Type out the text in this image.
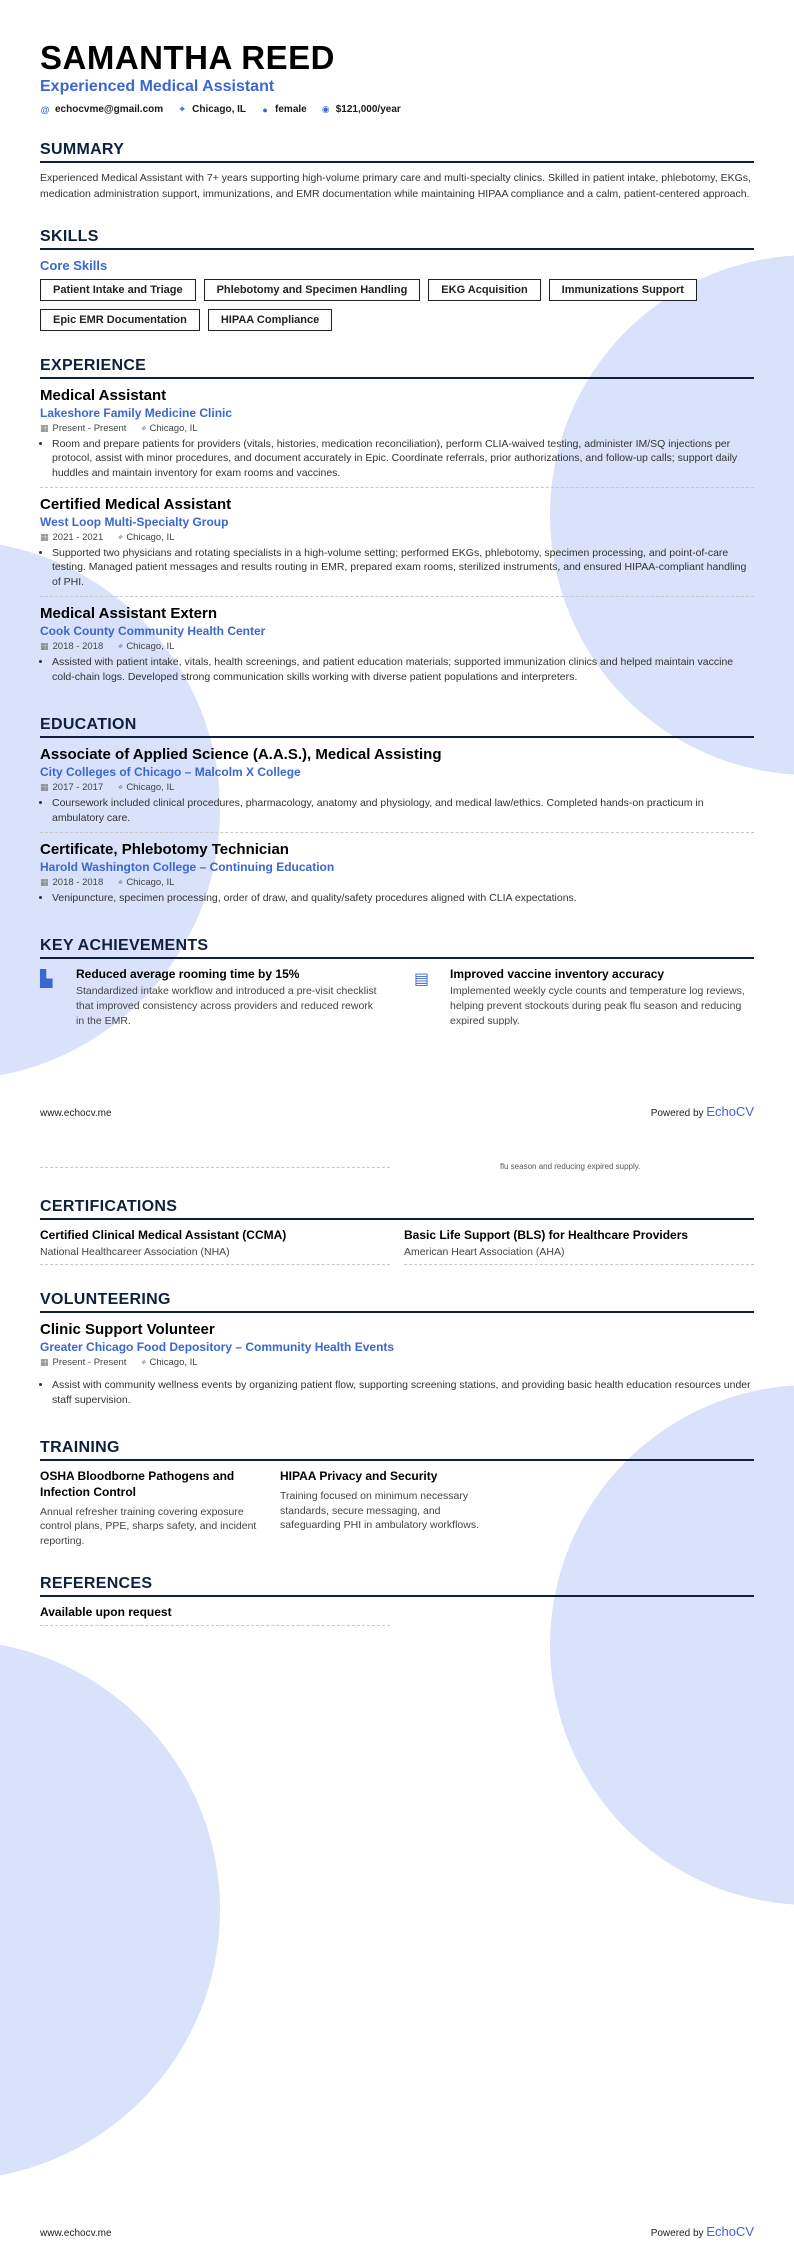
SAMANTHA REED
Experienced Medical Assistant
@ echocvme@gmail.com ⌖ Chicago, IL ● female ◉ $121,000/year
SUMMARY

Experienced Medical Assistant with 7+ years supporting high-volume primary care and multi-specialty clinics. Skilled in patient intake, phlebotomy, EKGs, medication administration support, immunizations, and EMR documentation while maintaining HIPAA compliance and a calm, patient-centered approach.

SKILLS
Core Skills
Patient Intake and Triage	Phlebotomy and Specimen Handling	EKG Acquisition	Immunizations Support
Epic EMR Documentation	HIPAA Compliance
EXPERIENCE
Medical Assistant
Lakeshore Family Medicine Clinic
▦ Present - Present ⌖ Chicago, IL
• Room and prepare patients for providers (vitals, histories, medication reconciliation), perform CLIA-waived testing, administer IM/SQ injections per protocol, assist with minor procedures, and document accurately in Epic. Coordinate referrals, prior authorizations, and follow-up calls; support daily huddles and maintain inventory for exam rooms and vaccines.
Certified Medical Assistant
West Loop Multi-Specialty Group
▦ 2021 - 2021 ⌖ Chicago, IL
• Supported two physicians and rotating specialists in a high-volume setting; performed EKGs, phlebotomy, specimen processing, and point-of-care testing. Managed patient messages and results routing in EMR, prepared exam rooms, sterilized instruments, and ensured HIPAA-compliant handling of PHI.
Medical Assistant Extern
Cook County Community Health Center
▦ 2018 - 2018 ⌖ Chicago, IL
• Assisted with patient intake, vitals, health screenings, and patient education materials; supported immunization clinics and helped maintain vaccine cold-chain logs. Developed strong communication skills working with diverse patient populations and interpreters.
EDUCATION
Associate of Applied Science (A.A.S.), Medical Assisting
City Colleges of Chicago – Malcolm X College
▦ 2017 - 2017 ⌖ Chicago, IL
• Coursework included clinical procedures, pharmacology, anatomy and physiology, and medical law/ethics. Completed hands-on practicum in ambulatory care.
Certificate, Phlebotomy Technician
Harold Washington College – Continuing Education
▦ 2018 - 2018 ⌖ Chicago, IL
• Venipuncture, specimen processing, order of draw, and quality/safety procedures aligned with CLIA expectations.
KEY ACHIEVEMENTS
▙	Reduced average rooming time by 15%
Standardized intake workflow and introduced a pre-visit checklist that improved consistency across providers and reduced rework in the EMR.
▤	Improved vaccine inventory accuracy
Implemented weekly cycle counts and temperature log reviews, helping prevent stockouts during peak flu season and reducing expired supply.
www.echocv.me	Powered by EchoCV
flu season and reducing expired supply.
CERTIFICATIONS
Certified Clinical Medical Assistant (CCMA)
National Healthcareer Association (NHA)
Basic Life Support (BLS) for Healthcare Providers
American Heart Association (AHA)
VOLUNTEERING
Clinic Support Volunteer
Greater Chicago Food Depository – Community Health Events
▦ Present - Present ⌖ Chicago, IL
• Assist with community wellness events by organizing patient flow, supporting screening stations, and providing basic health education resources under staff supervision.
TRAINING
OSHA Bloodborne Pathogens and Infection Control
Annual refresher training covering exposure control plans, PPE, sharps safety, and incident reporting.
HIPAA Privacy and Security
Training focused on minimum necessary standards, secure messaging, and safeguarding PHI in ambulatory workflows.
REFERENCES
Available upon request
www.echocv.me	Powered by EchoCV
